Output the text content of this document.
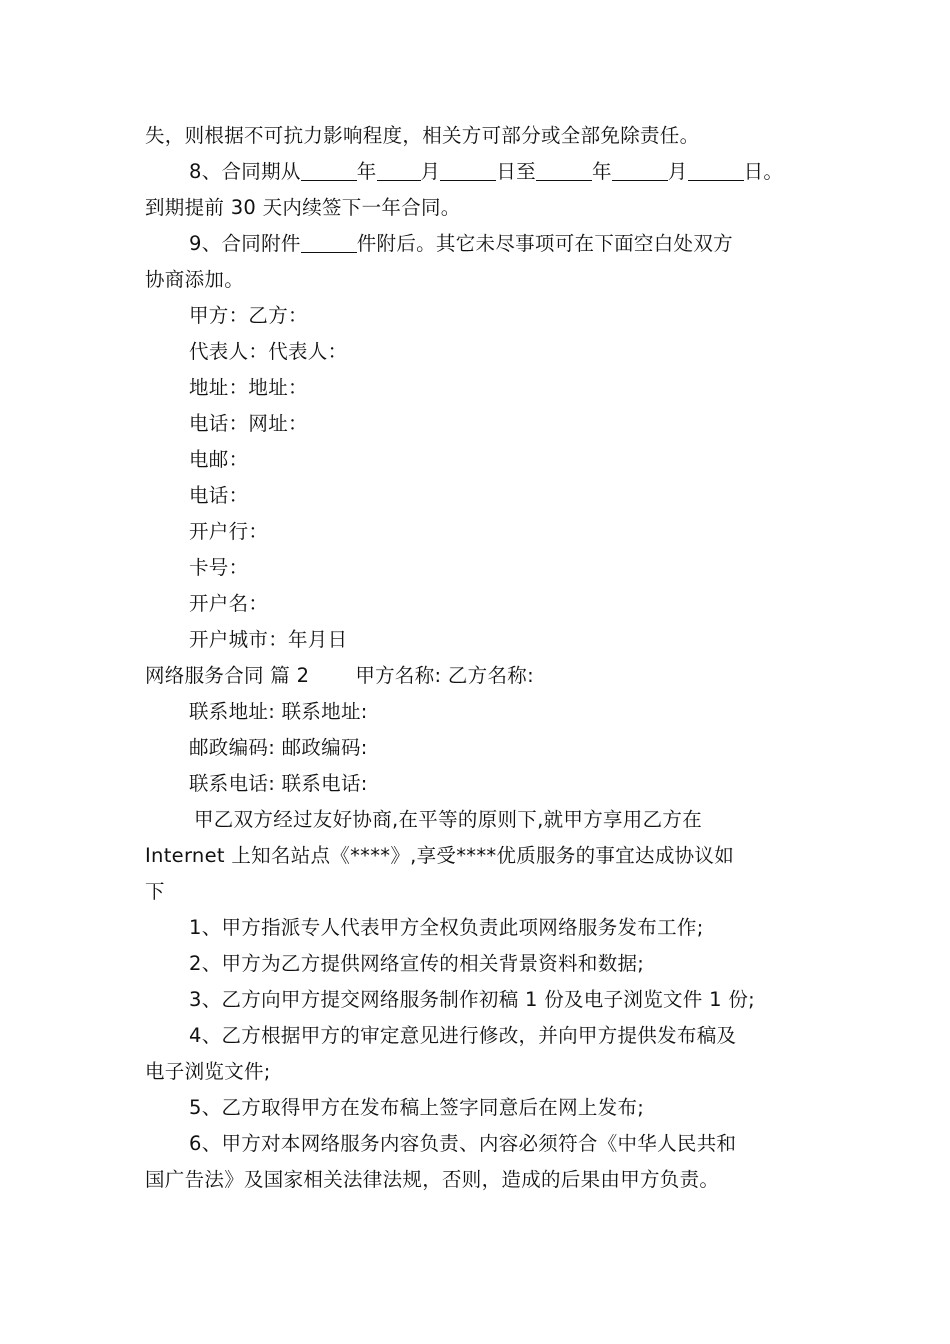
失，则根据不可抗力影响程度，相关方可部分或全部免除责任。
8、合同期从	年 月	日至	年	月	日。
到期提前 30 天内续签下一年合同。
9、合同附件	件附后。其它未尽事项可在下面空白处双方
协商添加。
甲方：乙方：
代表人：代表人：
地址：地址：
电话：网址：
电邮：
电话：
开户行：
卡号：
开户名：
开户城市：年月日
网络服务合同 篇 2 甲方名称: 乙方名称:
联系地址: 联系地址:
邮政编码: 邮政编码:
联系电话: 联系电话:
甲乙双方经过友好协商,在平等的原则下,就甲方享用乙方在
Internet 上知名站点《****》,享受****优质服务的事宜达成协议如
下
1、甲方指派专人代表甲方全权负责此项网络服务发布工作;
2、甲方为乙方提供网络宣传的相关背景资料和数据;
3、乙方向甲方提交网络服务制作初稿 1 份及电子浏览文件 1 份;
4、乙方根据甲方的审定意见进行修改，并向甲方提供发布稿及
电子浏览文件;
5、乙方取得甲方在发布稿上签字同意后在网上发布;
6、甲方对本网络服务内容负责、内容必须符合《中华人民共和
国广告法》及国家相关法律法规，否则，造成的后果由甲方负责。
